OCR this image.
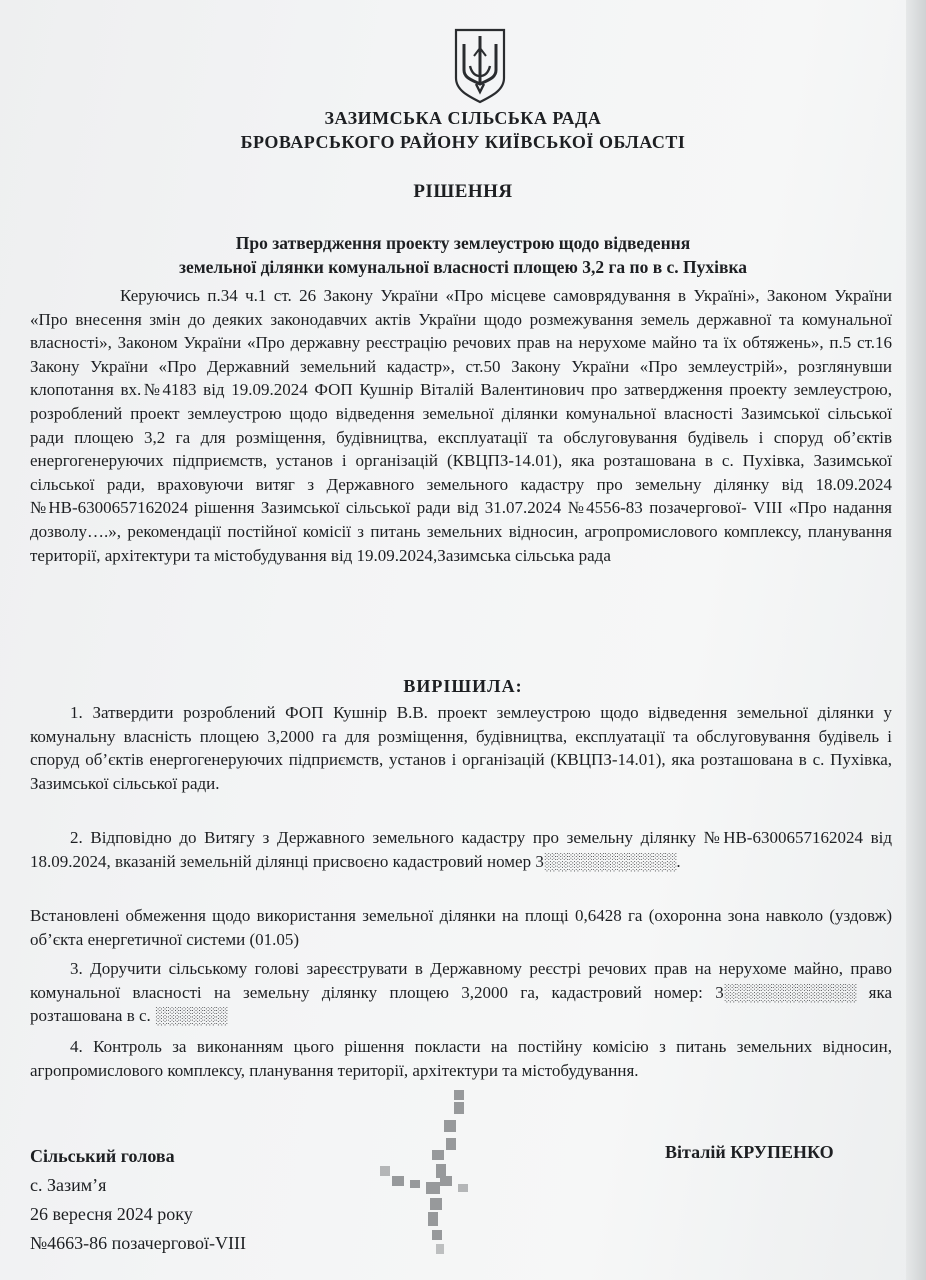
ЗАЗИМСЬКА СІЛЬСЬКА РАДА
БРОВАРСЬКОГО РАЙОНУ КИЇВСЬКОЇ ОБЛАСТІ
РІШЕННЯ
Про затвердження проекту землеустрою щодо відведення
земельної ділянки комунальної власності площею 3,2 га по в с. Пухівка
Керуючись п.34 ч.1 ст. 26 Закону України «Про місцеве самоврядування в Україні», Законом України «Про внесення змін до деяких законодавчих актів України щодо розмежування земель державної та комунальної власності», Законом України «Про державну реєстрацію речових прав на нерухоме майно та їх обтяжень», п.5 ст.16 Закону України «Про Державний земельний кадастр», ст.50 Закону України «Про землеустрій», розглянувши клопотання вх.№4183 від 19.09.2024 ФОП Кушнір Віталій Валентинович про затвердження проекту землеустрою, розроблений проект землеустрою щодо відведення земельної ділянки комунальної власності Зазимської сільської ради площею 3,2 га для розміщення, будівництва, експлуатації та обслуговування будівель і споруд об’єктів енергогенеруючих підприємств, установ і організацій (КВЦПЗ-14.01), яка розташована в с. Пухівка, Зазимської сільської ради, враховуючи витяг з Державного земельного кадастру про земельну ділянку від 18.09.2024 №НВ-6300657162024 рішення Зазимської сільської ради від 31.07.2024 №4556-83 позачергової- VIII «Про надання дозволу….», рекомендації постійної комісії з питань земельних відносин, агропромислового комплексу, планування території, архітектури та містобудування від 19.09.2024,Зазимська сільська рада
ВИРІШИЛА:
1. Затвердити розроблений ФОП Кушнір В.В. проект землеустрою щодо відведення земельної ділянки у комунальну власність площею 3,2000 га для розміщення, будівництва, експлуатації та обслуговування будівель і споруд об’єктів енергогенеруючих підприємств, установ і організацій (КВЦПЗ-14.01), яка розташована в с. Пухівка, Зазимської сільської ради.
2. Відповідно до Витягу з Державного земельного кадастру про земельну ділянку №НВ-6300657162024 від 18.09.2024, вказаній земельній ділянці присвоєно кадастровий номер 3░░░░░░░░░░░.
Встановлені обмеження щодо використання земельної ділянки на площі 0,6428 га (охоронна зона навколо (уздовж) об’єкта енергетичної системи (01.05)
3. Доручити сільському голові зареєструвати в Державному реєстрі речових прав на нерухоме майно, право комунальної власності на земельну ділянку площею 3,2000 га, кадастровий номер: 3░░░░░░░░░░░ яка розташована в с. ░░░░░░
4. Контроль за виконанням цього рішення покласти на постійну комісію з питань земельних відносин, агропромислового комплексу, планування території, архітектури та містобудування.
Сільський голова
с. Зазим’я
26 вересня 2024 року
№4663-86 позачергової-VIII
Віталій КРУПЕНКО
